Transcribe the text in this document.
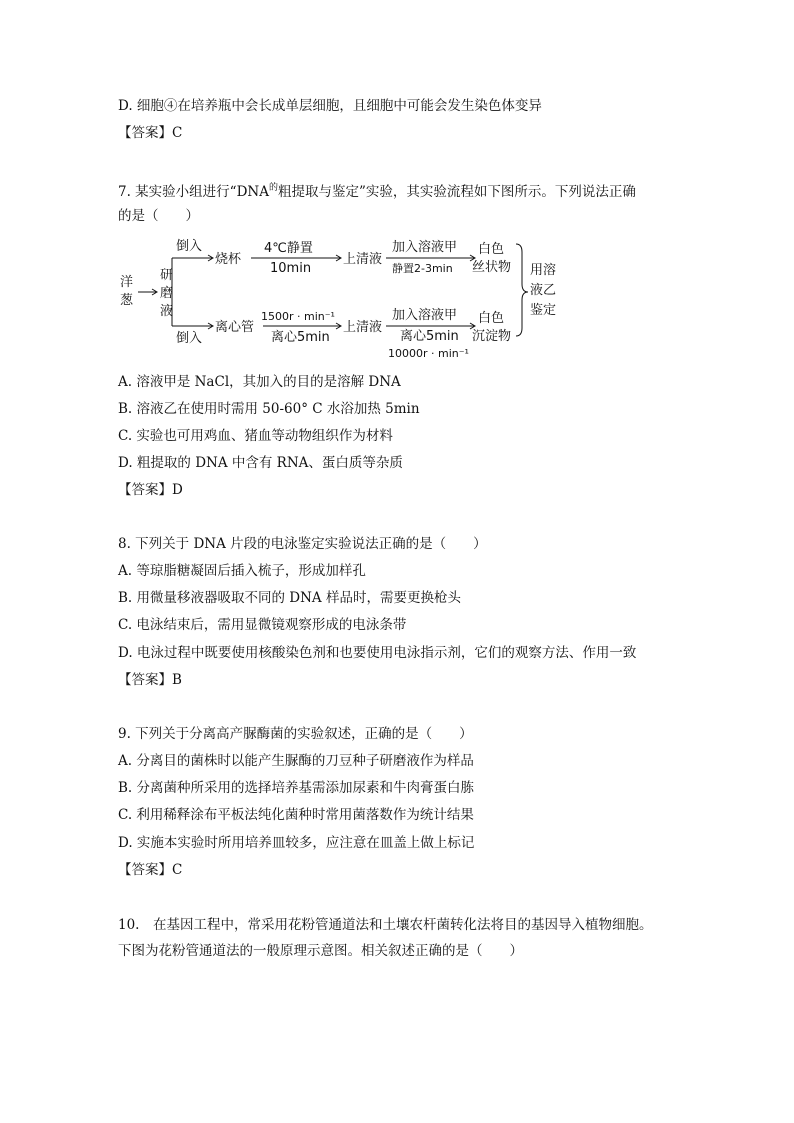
D. 细胞④在培养瓶中会长成单层细胞，且细胞中可能会发生染色体变异
【答案】C
7. 某实验小组进行“$DNA^的$粗提取与鉴定”实验，其实验流程如下图所示。下列说法正确
的是（　　）
洋
葱
研
磨
液
倒入
倒入
烧杯
4℃静置
10min
上清液
加入溶液甲
静置2-3min
白色
丝状物
离心管
1500r · min⁻¹
离心5min
上清液
加入溶液甲
离心5min
10000r · min⁻¹
白色
沉淀物
用溶
液乙
鉴定
A. 溶液甲是 NaCl，其加入的目的是溶解 DNA
B. 溶液乙在使用时需用 50-60° C 水浴加热 5min
C. 实验也可用鸡血、猪血等动物组织作为材料
D. 粗提取的 DNA 中含有 RNA、蛋白质等杂质
【答案】D
8. 下列关于 DNA 片段的电泳鉴定实验说法正确的是（　　）
A. 等琼脂糖凝固后插入梳子，形成加样孔
B. 用微量移液器吸取不同的 DNA 样品时，需要更换枪头
C. 电泳结束后，需用显微镜观察形成的电泳条带
D. 电泳过程中既要使用核酸染色剂和也要使用电泳指示剂，它们的观察方法、作用一致
【答案】B
9. 下列关于分离高产脲酶菌的实验叙述，正确的是（　　）
A. 分离目的菌株时以能产生脲酶的刀豆种子研磨液作为样品
B. 分离菌种所采用的选择培养基需添加尿素和牛肉膏蛋白胨
C. 利用稀释涂布平板法纯化菌种时常用菌落数作为统计结果
D. 实施本实验时所用培养皿较多，应注意在皿盖上做上标记
【答案】C
10.　在基因工程中，常采用花粉管通道法和土壤农杆菌转化法将目的基因导入植物细胞。
下图为花粉管通道法的一般原理示意图。相关叙述正确的是（　　）
